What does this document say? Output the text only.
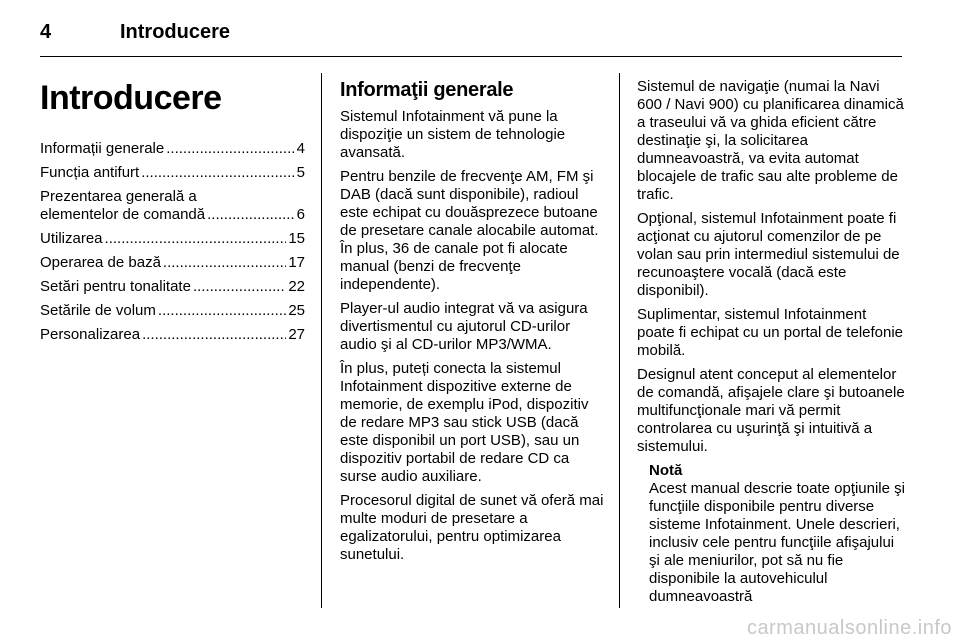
4	Introducere
Introducere
Informații generale .....	4
Funcția antifurt .....	5
Prezentarea generală a
elementelor de comandă .....	6
Utilizarea .....	15
Operarea de bază .....	17
Setări pentru tonalitate .....	22
Setările de volum .....	25
Personalizarea .....	27
Informaţii generale

Sistemul Infotainment vă pune la dispoziţie un sistem de tehnologie avansată.

Pentru benzile de frecvenţe AM, FM şi DAB (dacă sunt disponibile), radioul este echipat cu douăsprezece butoane de presetare canale alocabile automat. În plus, 36 de canale pot fi alocate manual (benzi de frecvenţe independente).

Player-ul audio integrat vă va asigura divertismentul cu ajutorul CD-urilor audio şi al CD-urilor MP3/WMA.

În plus, puteți conecta la sistemul Infotainment dispozitive externe de memorie, de exemplu iPod, dispozitiv de redare MP3 sau stick USB (dacă este disponibil un port USB), sau un dispozitiv portabil de redare CD ca surse audio auxiliare.

Procesorul digital de sunet vă oferă mai multe moduri de presetare a egalizatorului, pentru optimizarea sunetului.

Sistemul de navigaţie (numai la Navi 600 / Navi 900) cu planificarea dinamică a traseului vă va ghida eficient către destinaţie şi, la solicitarea dumneavoastră, va evita automat blocajele de trafic sau alte probleme de trafic.

Opţional, sistemul Infotainment poate fi acţionat cu ajutorul comenzilor de pe volan sau prin intermediul sistemului de recunoaştere vocală (dacă este disponibil).

Suplimentar, sistemul Infotainment poate fi echipat cu un portal de telefonie mobilă.

Designul atent conceput al elementelor de comandă, afişajele clare şi butoanele multifuncţionale mari vă permit controlarea cu uşurinţă şi intuitivă a sistemului.

Notă

Acest manual descrie toate opţiunile şi funcţiile disponibile pentru diverse sisteme Infotainment. Unele descrieri, inclusiv cele pentru funcţiile afişajului şi ale meniurilor, pot să nu fie disponibile la autovehiculul dumneavoastră

carmanualsonline.info
